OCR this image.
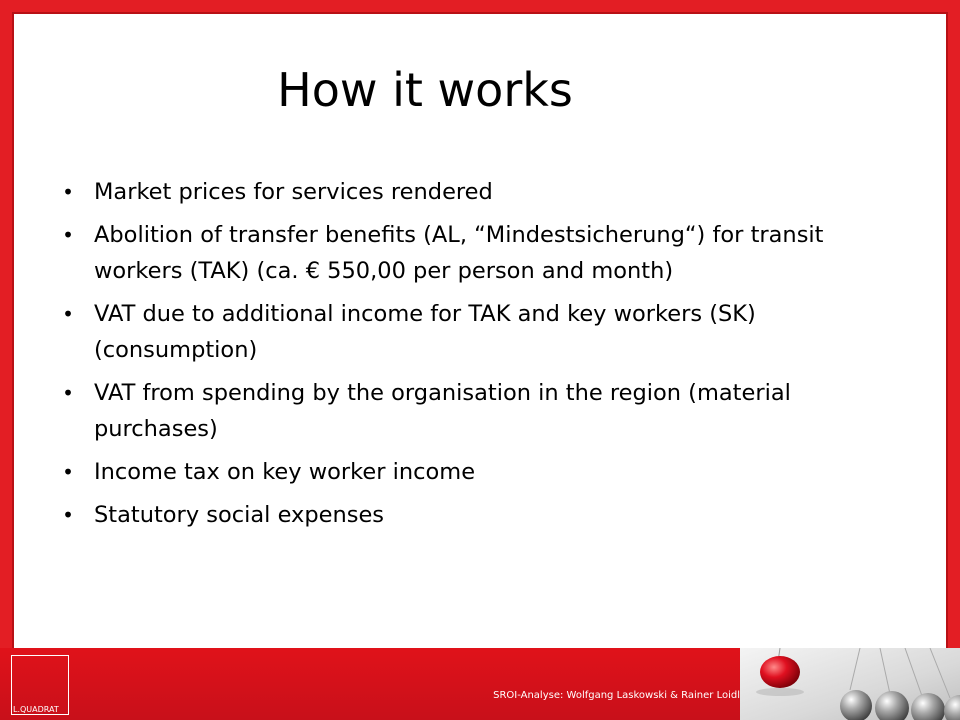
How it works
• Market prices for services rendered
• Abolition of transfer benefits (AL, “Mindestsicherung“) for transit workers (TAK) (ca. € 550,00 per person and month)
• VAT due to additional income for TAK and key workers (SK) (consumption)
• VAT from spending by the organisation in the region (material purchases)
• Income tax on key worker income
• Statutory social expenses
L.QUADRAT
SROI-Analyse: Wolfgang Laskowski & Rainer Loidl
